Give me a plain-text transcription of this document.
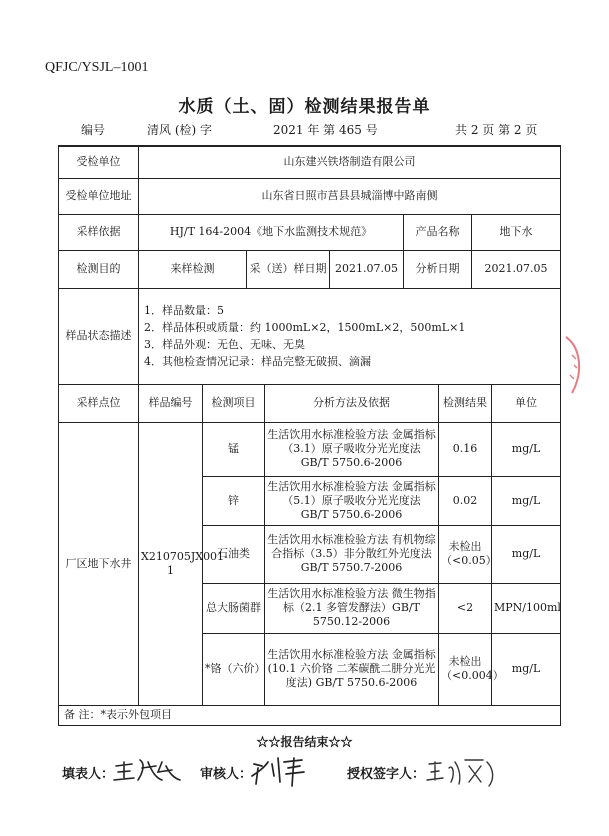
QFJC/YSJL–1001
水质（土、固）检测结果报告单
编号	清风 (检) 字	2021 年 第 465 号	共 2 页 第 2 页
受检单位	山东建兴铁塔制造有限公司								
受检单位地址	山东省日照市莒县县城淄博中路南侧								
采样依据	HJ/T 164-2004《地下水监测技术规范》					产品名称		地下水	
检测目的	来样检测		采（送）样日期		2021.07.05	分析日期		2021.07.05	
样品状态描述	1．样品数量：5
2．样品体积或质量：约 1000mL×2，1500mL×2，500mL×1
3．样品外观：无色、无味、无臭
4．其他检查情况记录：样品完整无破损、滴漏								

采样点位	样品编号	检测项目		分析方法及依据			检测结果		单位
厂区地下水井	X210705JX001-1	锰		生活饮用水标准检验方法 金属指标（3.1）原子吸收分光光度法 GB/T 5750.6-2006			0.16		mg/L
		锌		生活饮用水标准检验方法 金属指标（5.1）原子吸收分光光度法 GB/T 5750.6-2006			0.02		mg/L
		石油类		生活饮用水标准检验方法 有机物综合指标（3.5）非分散红外光度法 GB/T 5750.7-2006			未检出（<0.05）		mg/L
		总大肠菌群		生活饮用水标准检验方法 微生物指标（2.1 多管发酵法）GB/T 5750.12-2006			<2		MPN/100ml
		*铬（六价）		生活饮用水标准检验方法 金属指标(10.1 六价铬 二苯碳酰二肼分光光度法) GB/T 5750.6-2006			未检出（<0.004）		mg/L
备 注：*表示外包项目									
☆☆报告结束☆☆
填表人：	审核人：	授权签字人：
